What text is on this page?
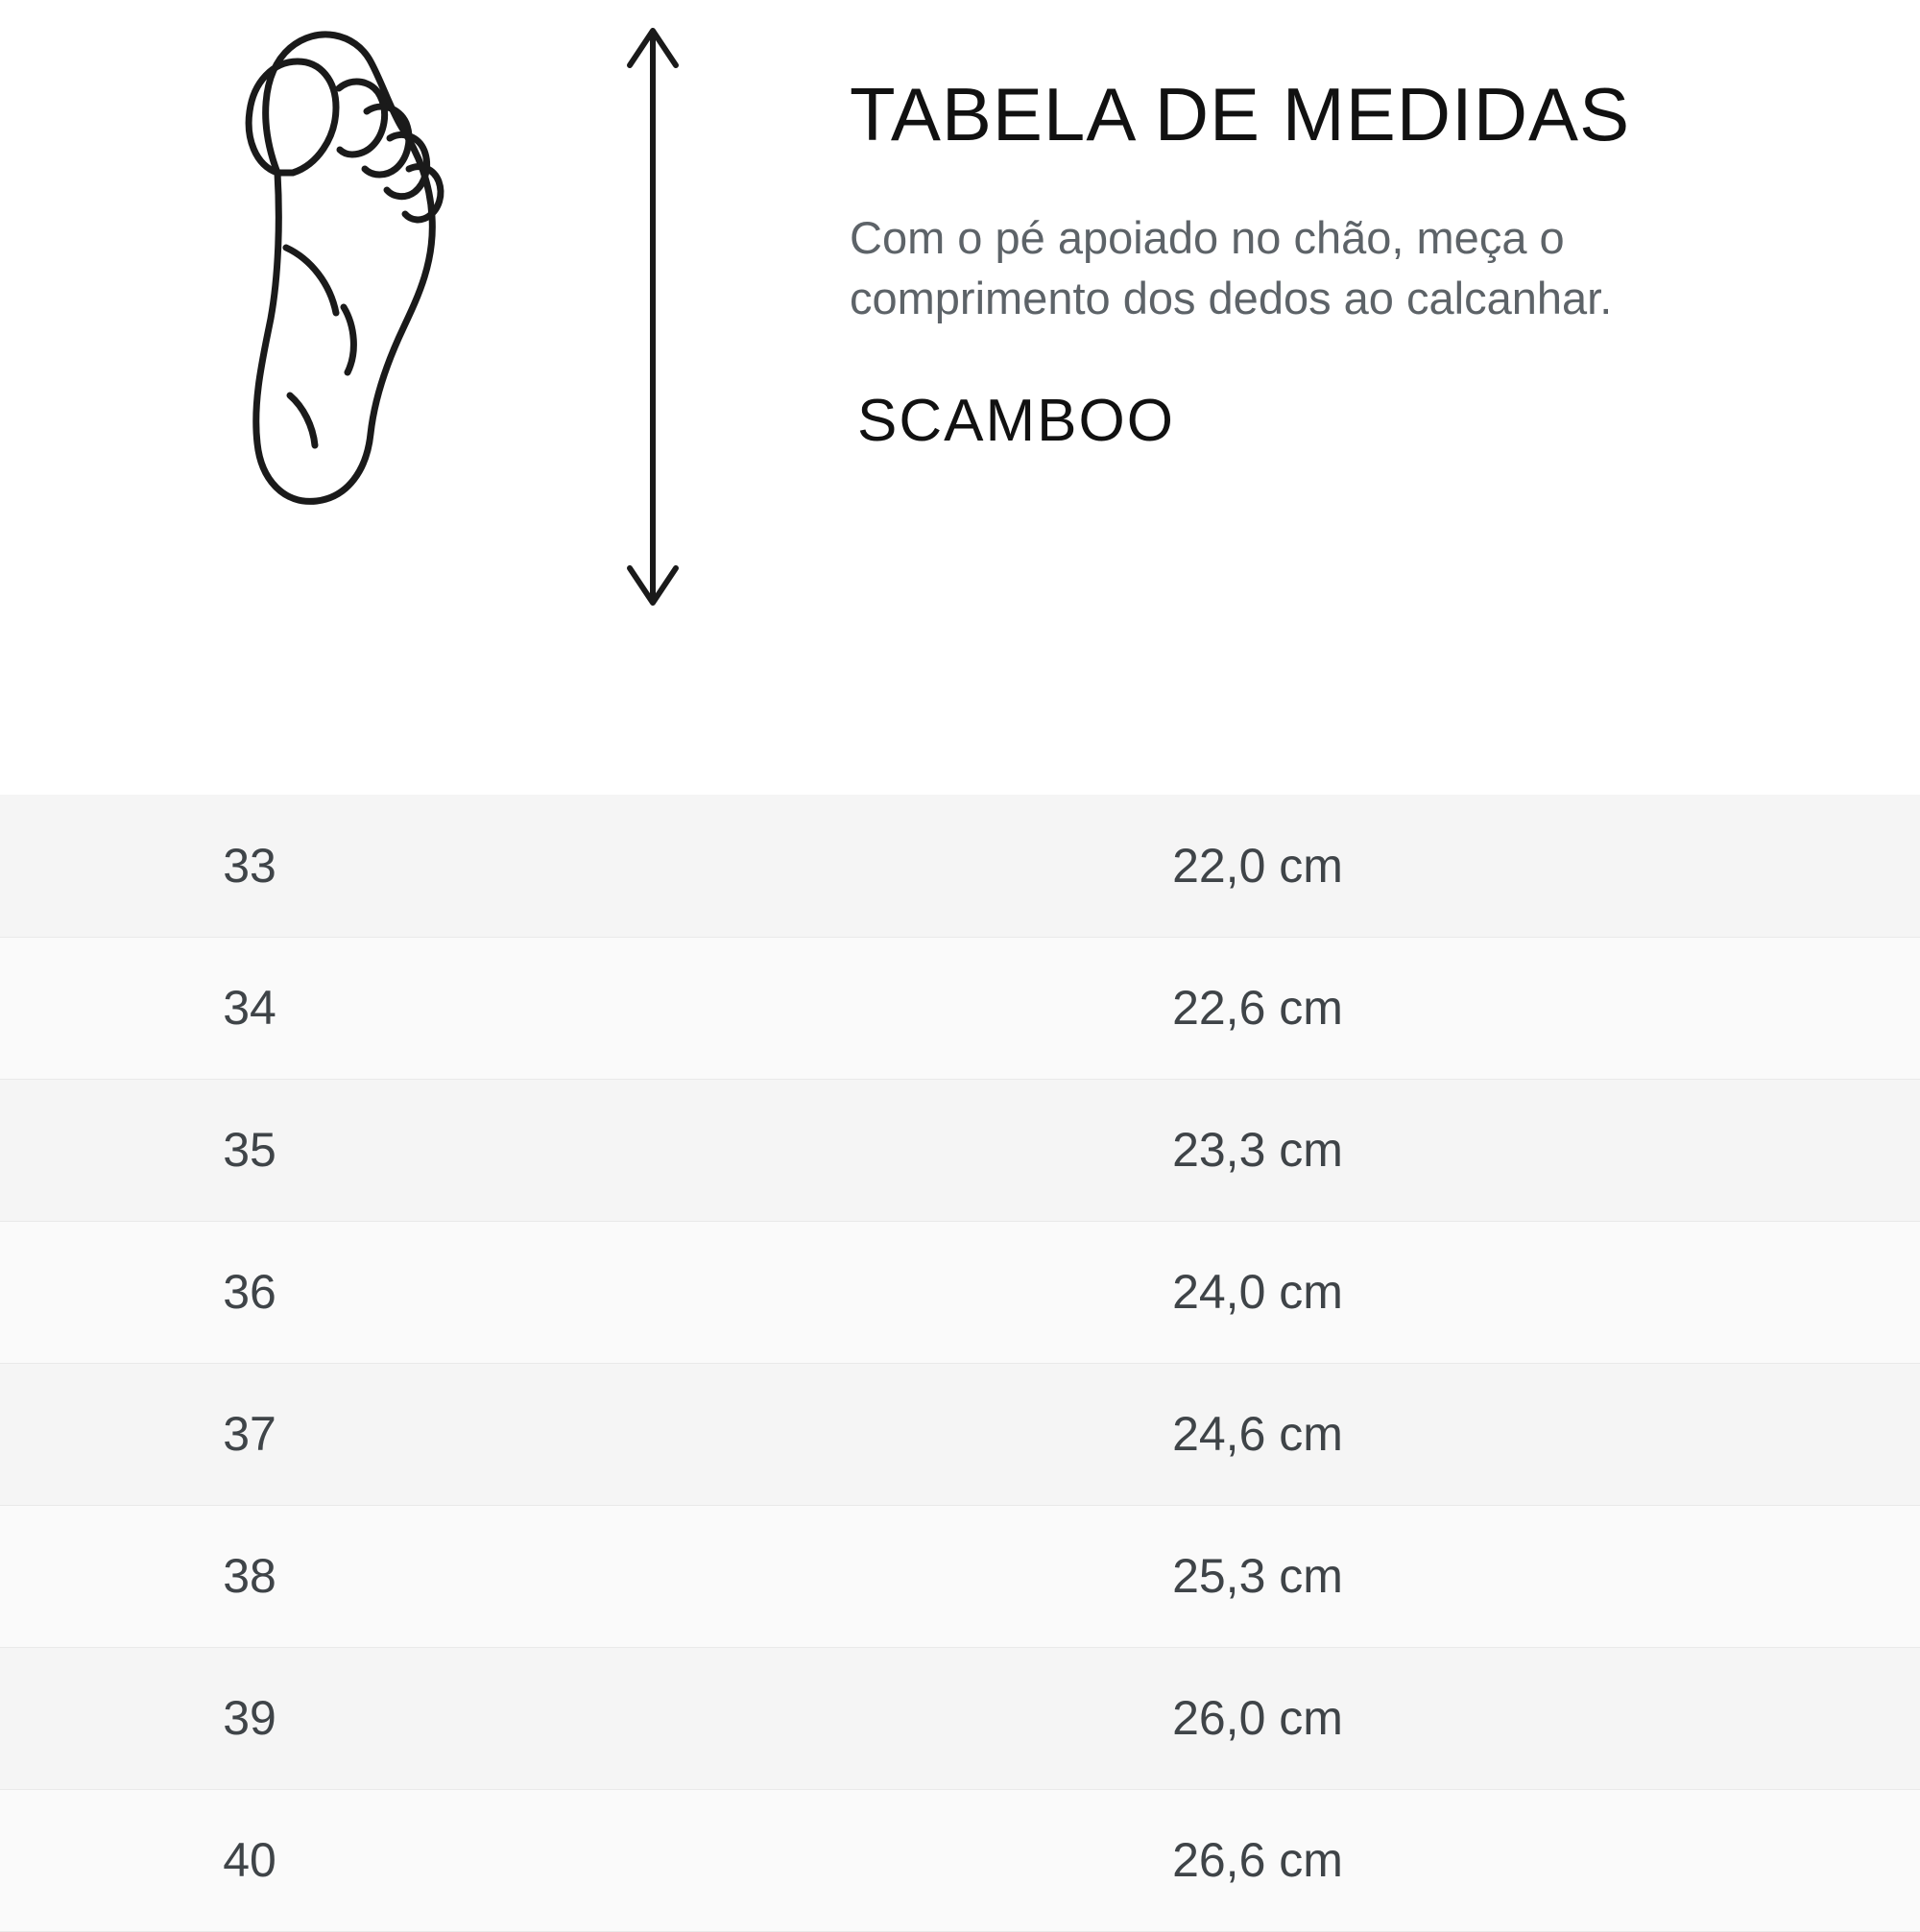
TABELA DE MEDIDAS

Com o pé apoiado no chão, meça o comprimento dos dedos ao calcanhar.

SCAMBOO
33	22,0 cm
34	22,6 cm
35	23,3 cm
36	24,0 cm
37	24,6 cm
38	25,3 cm
39	26,0 cm
40	26,6 cm
